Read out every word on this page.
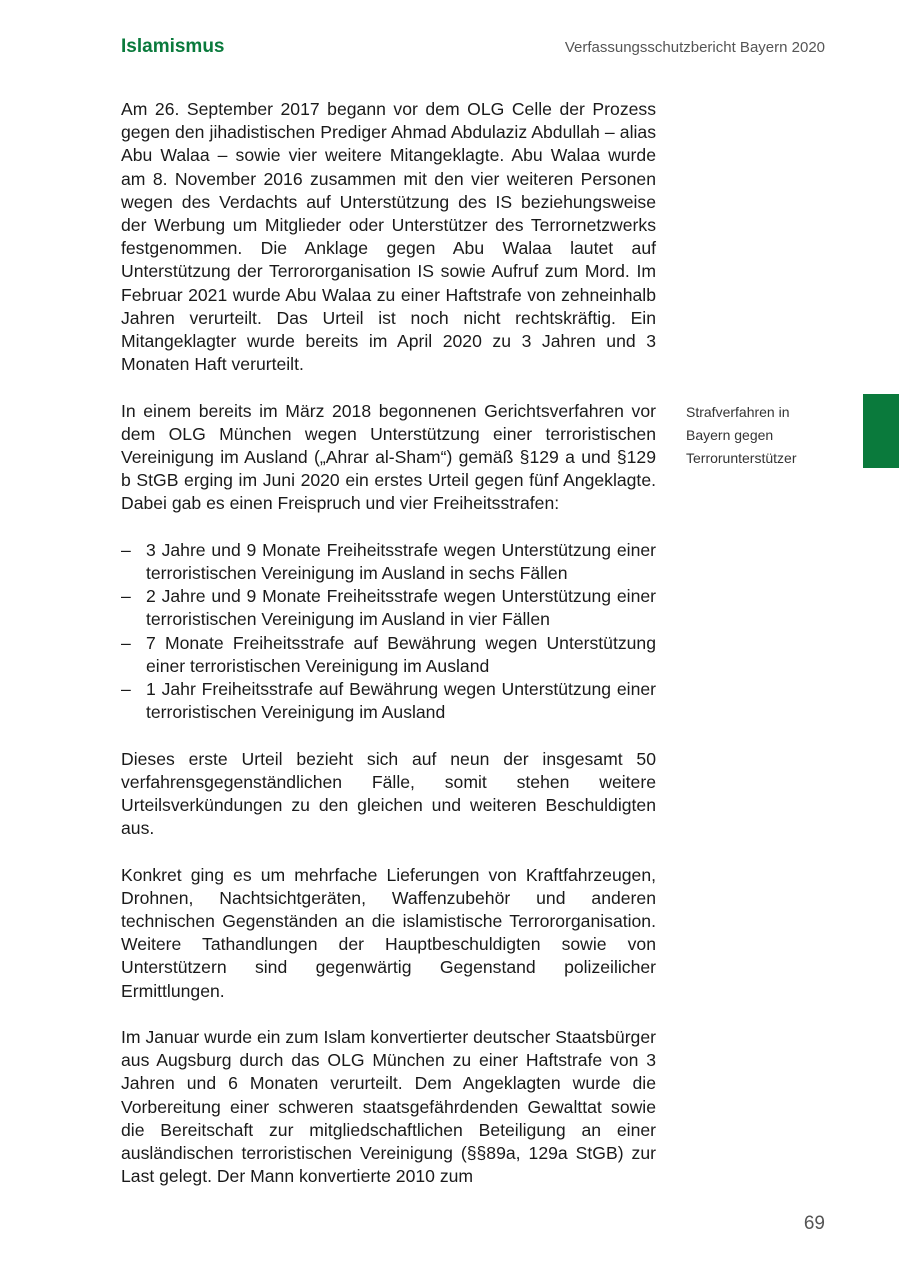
Islamismus	Verfassungsschutzbericht Bayern 2020

Am 26. September 2017 begann vor dem OLG Celle der Prozess gegen den jihadistischen Prediger Ahmad Abdulaziz Abdullah – alias Abu Walaa – sowie vier weitere Mitangeklagte. Abu Walaa wurde am 8. November 2016 zusammen mit den vier weiteren Personen wegen des Verdachts auf Unterstützung des IS beziehungsweise der Werbung um Mitglieder oder Unterstützer des Terrornetzwerks festgenommen. Die Anklage gegen Abu Walaa lautet auf Unterstützung der Terrororganisation IS sowie Aufruf zum Mord. Im Februar 2021 wurde Abu Walaa zu einer Haftstrafe von zehneinhalb Jahren verurteilt. Das Urteil ist noch nicht rechtskräftig. Ein Mitangeklagter wurde bereits im April 2020 zu 3 Jahren und 3 Monaten Haft verurteilt.

In einem bereits im März 2018 begonnenen Gerichtsverfahren vor dem OLG München wegen Unterstützung einer terroristischen Vereinigung im Ausland („Ahrar al-Sham“) gemäß §129 a und §129 b StGB erging im Juni 2020 ein erstes Urteil gegen fünf Angeklagte. Dabei gab es einen Freispruch und vier Freiheitsstrafen:

– 3 Jahre und 9 Monate Freiheitsstrafe wegen Unterstützung einer terroristischen Vereinigung im Ausland in sechs Fällen
– 2 Jahre und 9 Monate Freiheitsstrafe wegen Unterstützung einer terroristischen Vereinigung im Ausland in vier Fällen
– 7 Monate Freiheitsstrafe auf Bewährung wegen Unterstützung einer terroristischen Vereinigung im Ausland
– 1 Jahr Freiheitsstrafe auf Bewährung wegen Unterstützung einer terroristischen Vereinigung im Ausland

Dieses erste Urteil bezieht sich auf neun der insgesamt 50 verfahrensgegenständlichen Fälle, somit stehen weitere Urteilsverkündungen zu den gleichen und weiteren Beschuldigten aus.

Konkret ging es um mehrfache Lieferungen von Kraftfahrzeugen, Drohnen, Nachtsichtgeräten, Waffenzubehör und anderen technischen Gegenständen an die islamistische Terrororganisation. Weitere Tathandlungen der Hauptbeschuldigten sowie von Unterstützern sind gegenwärtig Gegenstand polizeilicher Ermittlungen.

Im Januar wurde ein zum Islam konvertierter deutscher Staatsbürger aus Augsburg durch das OLG München zu einer Haftstrafe von 3 Jahren und 6 Monaten verurteilt. Dem Angeklagten wurde die Vorbereitung einer schweren staatsgefährdenden Gewalttat sowie die Bereitschaft zur mitgliedschaftlichen Beteiligung an einer ausländischen terroristischen Vereinigung (§§89a, 129a StGB) zur Last gelegt. Der Mann konvertierte 2010 zum

Strafverfahren in
Bayern gegen
Terrorunterstützer
69
